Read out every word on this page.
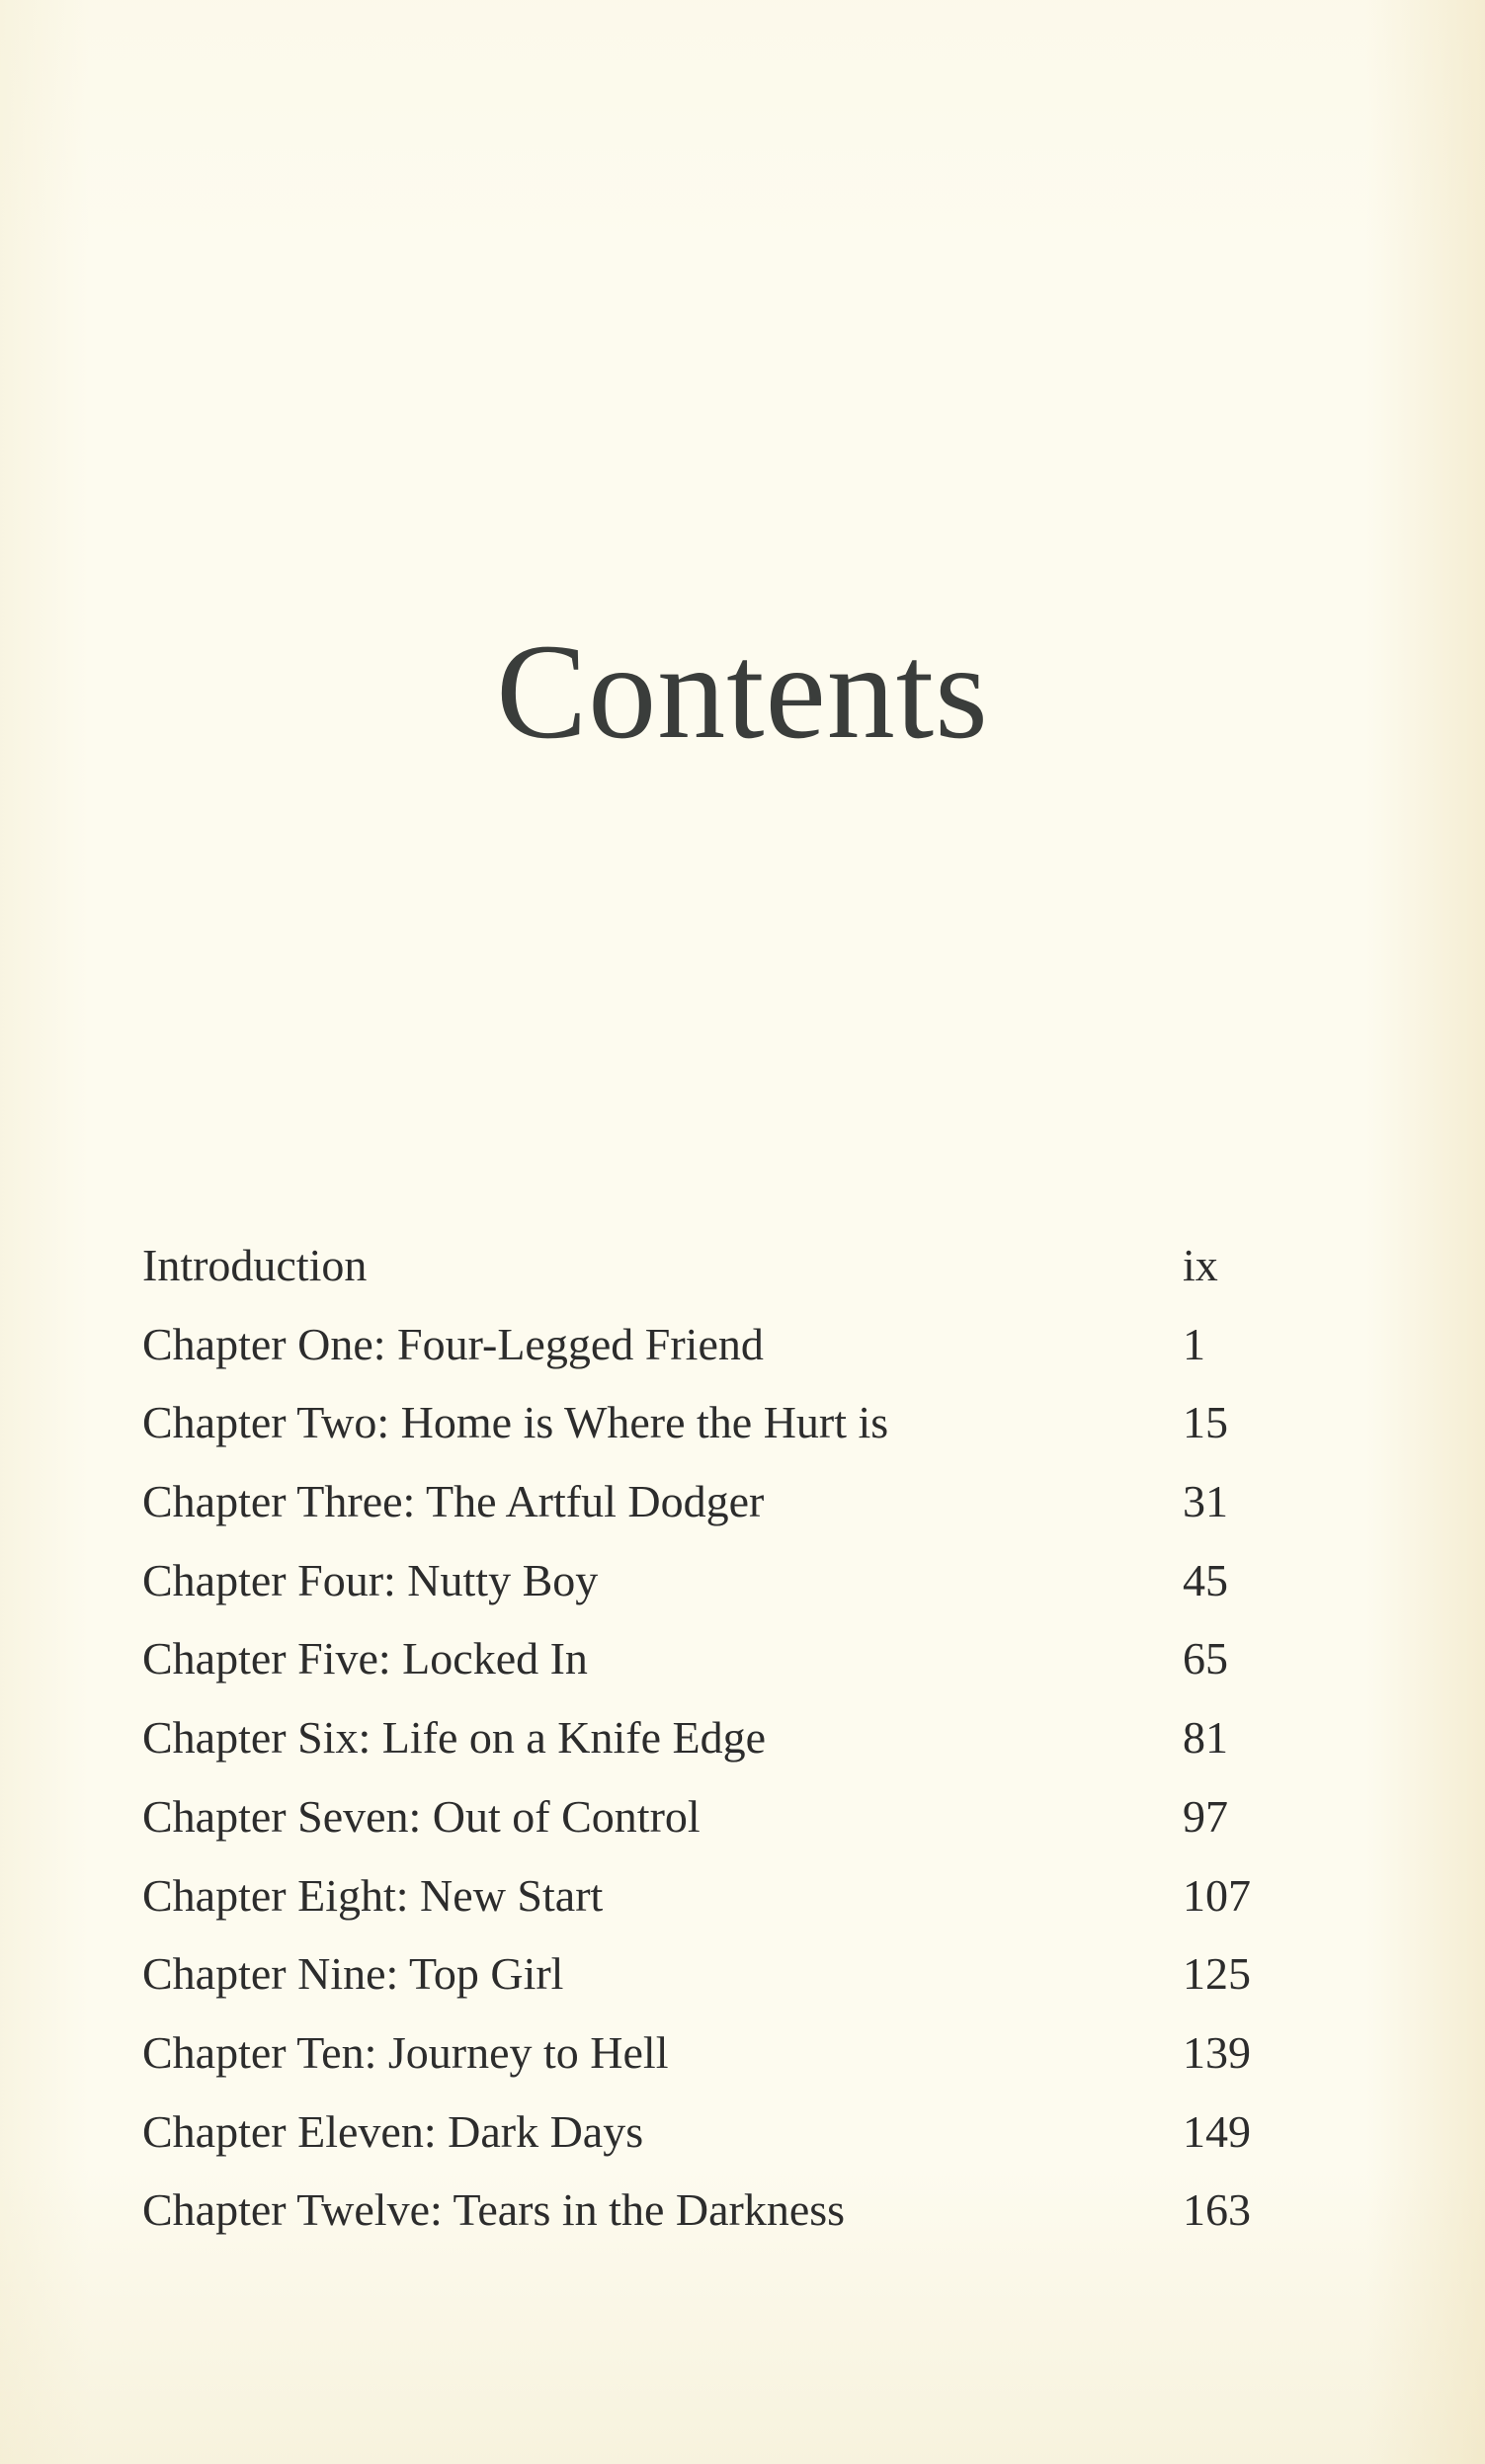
Contents
Introduction	ix
Chapter One: Four-Legged Friend	1
Chapter Two: Home is Where the Hurt is	15
Chapter Three: The Artful Dodger	31
Chapter Four: Nutty Boy	45
Chapter Five: Locked In	65
Chapter Six: Life on a Knife Edge	81
Chapter Seven: Out of Control	97
Chapter Eight: New Start	107
Chapter Nine: Top Girl	125
Chapter Ten: Journey to Hell	139
Chapter Eleven: Dark Days	149
Chapter Twelve: Tears in the Darkness	163
